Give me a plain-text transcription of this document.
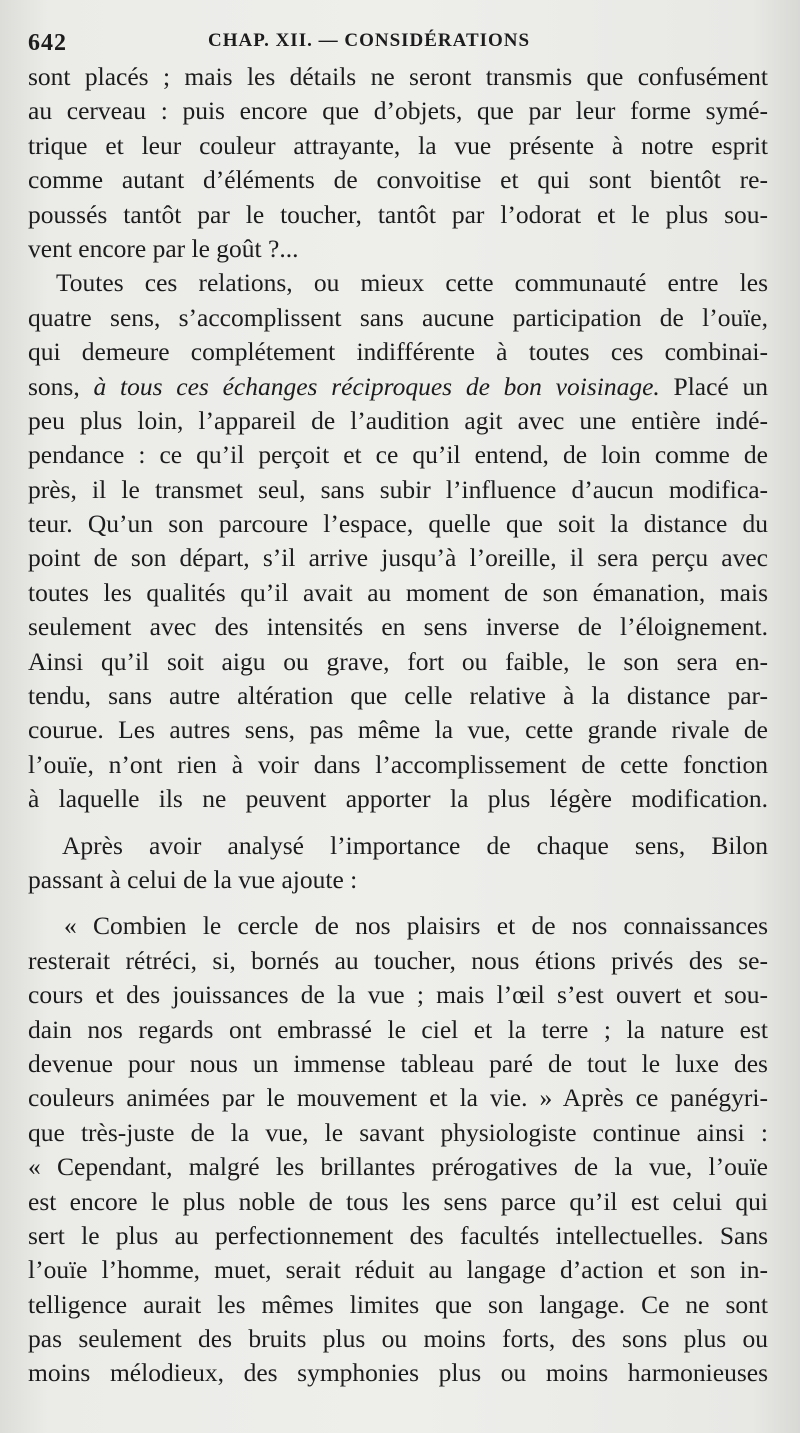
642	CHAP. XII. — CONSIDÉRATIONS
sont placés ; mais les détails ne seront transmis que confusément
au cerveau : puis encore que d’objets, que par leur forme symé-
trique et leur couleur attrayante, la vue présente à notre esprit
comme autant d’éléments de convoitise et qui sont bientôt re-
poussés tantôt par le toucher, tantôt par l’odorat et le plus sou-
vent encore par le goût ?...
Toutes ces relations, ou mieux cette communauté entre les
quatre sens, s’accomplissent sans aucune participation de l’ouïe,
qui demeure complétement indifférente à toutes ces combinai-
sons, à tous ces échanges réciproques de bon voisinage. Placé un
peu plus loin, l’appareil de l’audition agit avec une entière indé-
pendance : ce qu’il perçoit et ce qu’il entend, de loin comme de
près, il le transmet seul, sans subir l’influence d’aucun modifica-
teur. Qu’un son parcoure l’espace, quelle que soit la distance du
point de son départ, s’il arrive jusqu’à l’oreille, il sera perçu avec
toutes les qualités qu’il avait au moment de son émanation, mais
seulement avec des intensités en sens inverse de l’éloignement.
Ainsi qu’il soit aigu ou grave, fort ou faible, le son sera en-
tendu, sans autre altération que celle relative à la distance par-
courue. Les autres sens, pas même la vue, cette grande rivale de
l’ouïe, n’ont rien à voir dans l’accomplissement de cette fonction
à laquelle ils ne peuvent apporter la plus légère modification.
Après avoir analysé l’importance de chaque sens, Bilon
passant à celui de la vue ajoute :
« Combien le cercle de nos plaisirs et de nos connaissances
resterait rétréci, si, bornés au toucher, nous étions privés des se-
cours et des jouissances de la vue ; mais l’œil s’est ouvert et sou-
dain nos regards ont embrassé le ciel et la terre ; la nature est
devenue pour nous un immense tableau paré de tout le luxe des
couleurs animées par le mouvement et la vie. » Après ce panégyri-
que très-juste de la vue, le savant physiologiste continue ainsi :
« Cependant, malgré les brillantes prérogatives de la vue, l’ouïe
est encore le plus noble de tous les sens parce qu’il est celui qui
sert le plus au perfectionnement des facultés intellectuelles. Sans
l’ouïe l’homme, muet, serait réduit au langage d’action et son in-
telligence aurait les mêmes limites que son langage. Ce ne sont
pas seulement des bruits plus ou moins forts, des sons plus ou
moins mélodieux, des symphonies plus ou moins harmonieuses
